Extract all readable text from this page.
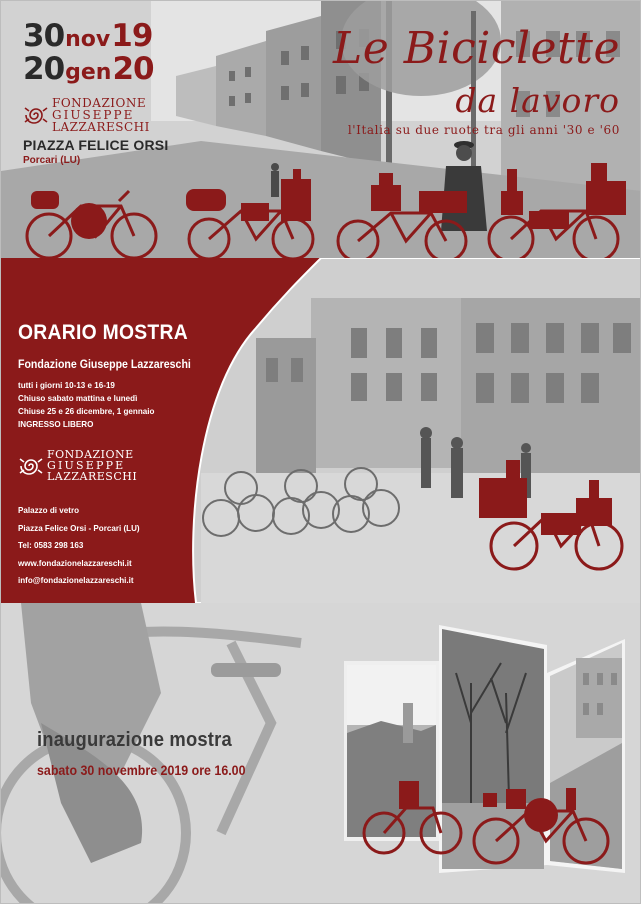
30 nov 19
20 gen 20
FONDAZIONE
GIUSEPPE
LAZZARESCHI
PIAZZA FELICE ORSI
Porcari (LU)
Le Biciclette
da lavoro
l'Italia su due ruote tra gli anni '30 e '60
ORARIO MOSTRA
Fondazione Giuseppe Lazzareschi
tutti i giorni 10-13 e 16-19
Chiuso sabato mattina e lunedì
Chiuse 25 e 26 dicembre, 1 gennaio
INGRESSO LIBERO
FONDAZIONE
GIUSEPPE
LAZZARESCHI
Palazzo di vetro
Piazza Felice Orsi - Porcari (LU)
Tel: 0583 298 163
www.fondazionelazzareschi.it
info@fondazionelazzareschi.it
inaugurazione mostra
sabato 30 novembre 2019 ore 16.00
